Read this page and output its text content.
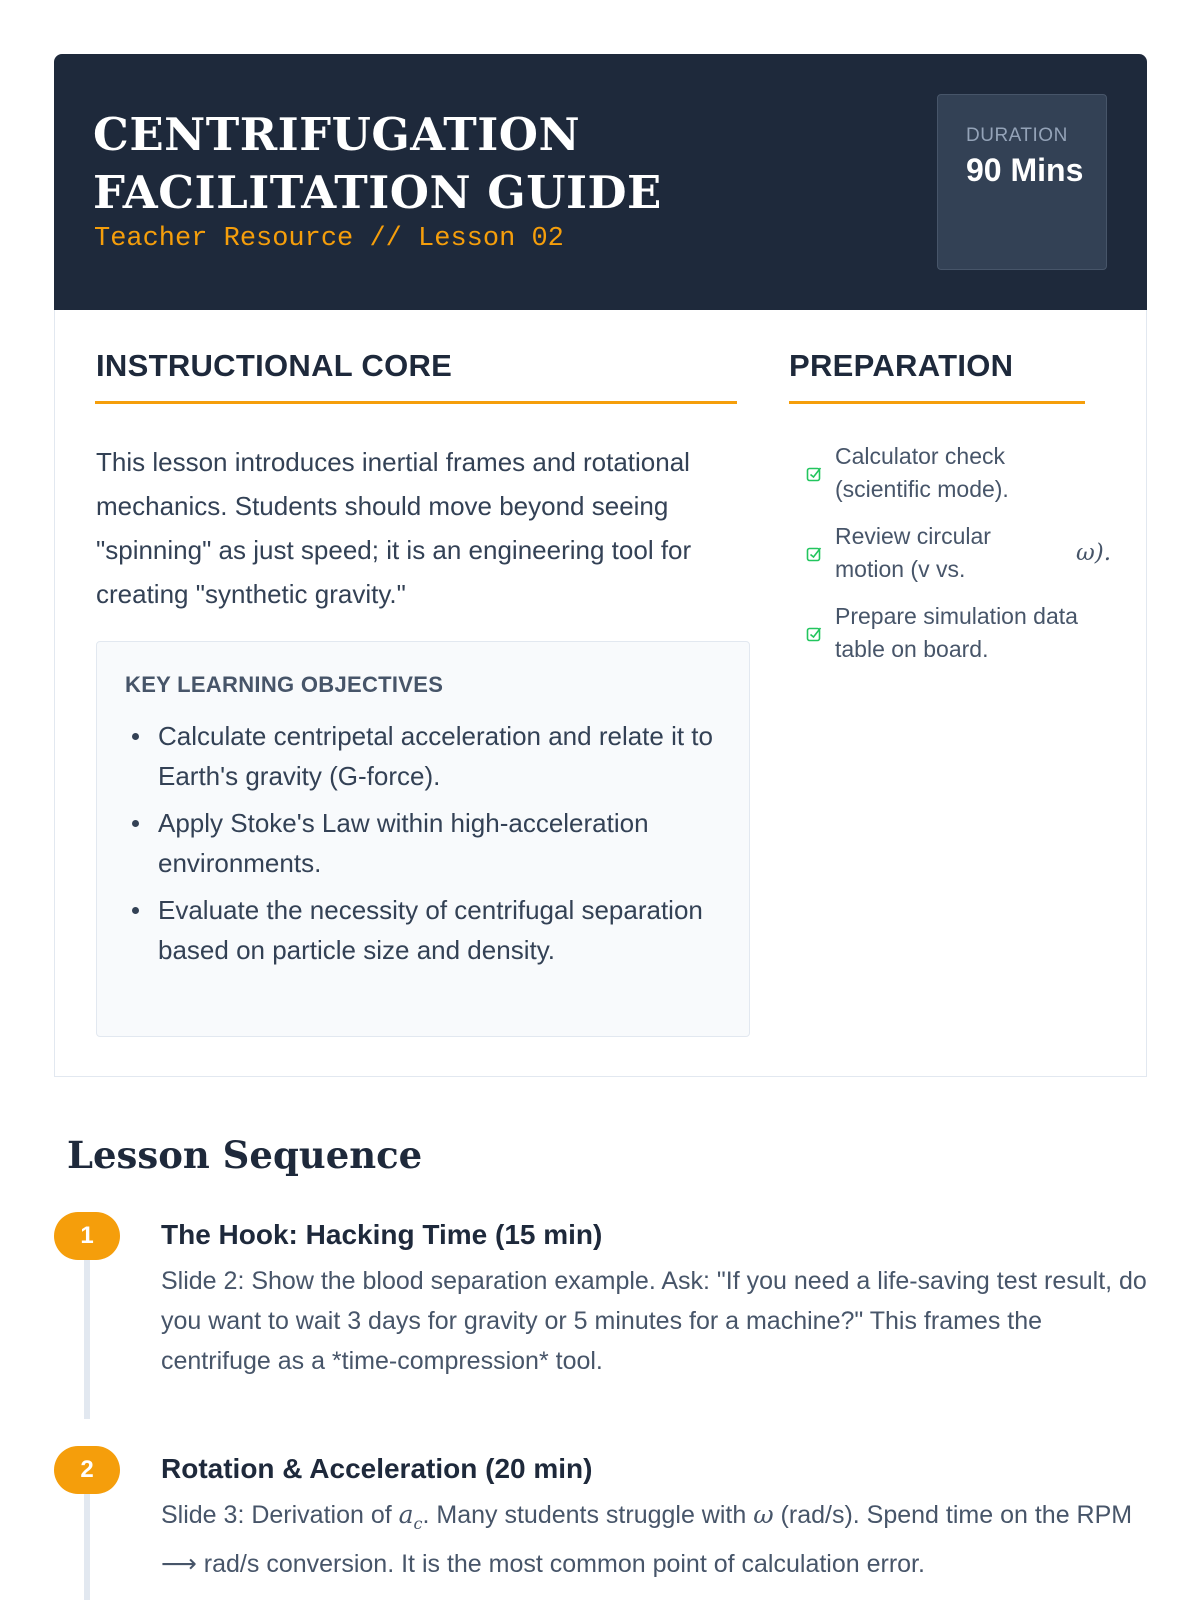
CENTRIFUGATION FACILITATION GUIDE
Teacher Resource // Lesson 02
DURATION
90 Mins
INSTRUCTIONAL CORE
This lesson introduces inertial frames and rotational mechanics. Students should move beyond seeing "spinning" as just speed; it is an engineering tool for creating "synthetic gravity."
KEY LEARNING OBJECTIVES
Calculate centripetal acceleration and relate it to Earth's gravity (G-force).
Apply Stoke's Law within high-acceleration environments.
Evaluate the necessity of centrifugal separation based on particle size and density.
PREPARATION
Calculator check (scientific mode).
Review circular motion (v vs.
Prepare simulation data table on board.
ω).
Lesson Sequence
1	The Hook: Hacking Time (15 min)
Slide 2: Show the blood separation example. Ask: "If you need a life-saving test result, do you want to wait 3 days for gravity or 5 minutes for a machine?" This frames the centrifuge as a *time-compression* tool.
2	Rotation & Acceleration (20 min)
Slide 3: Derivation of $a_c$. Many students struggle with ω (rad/s). Spend time on the RPM ⟶ rad/s conversion. It is the most common point of calculation error.
